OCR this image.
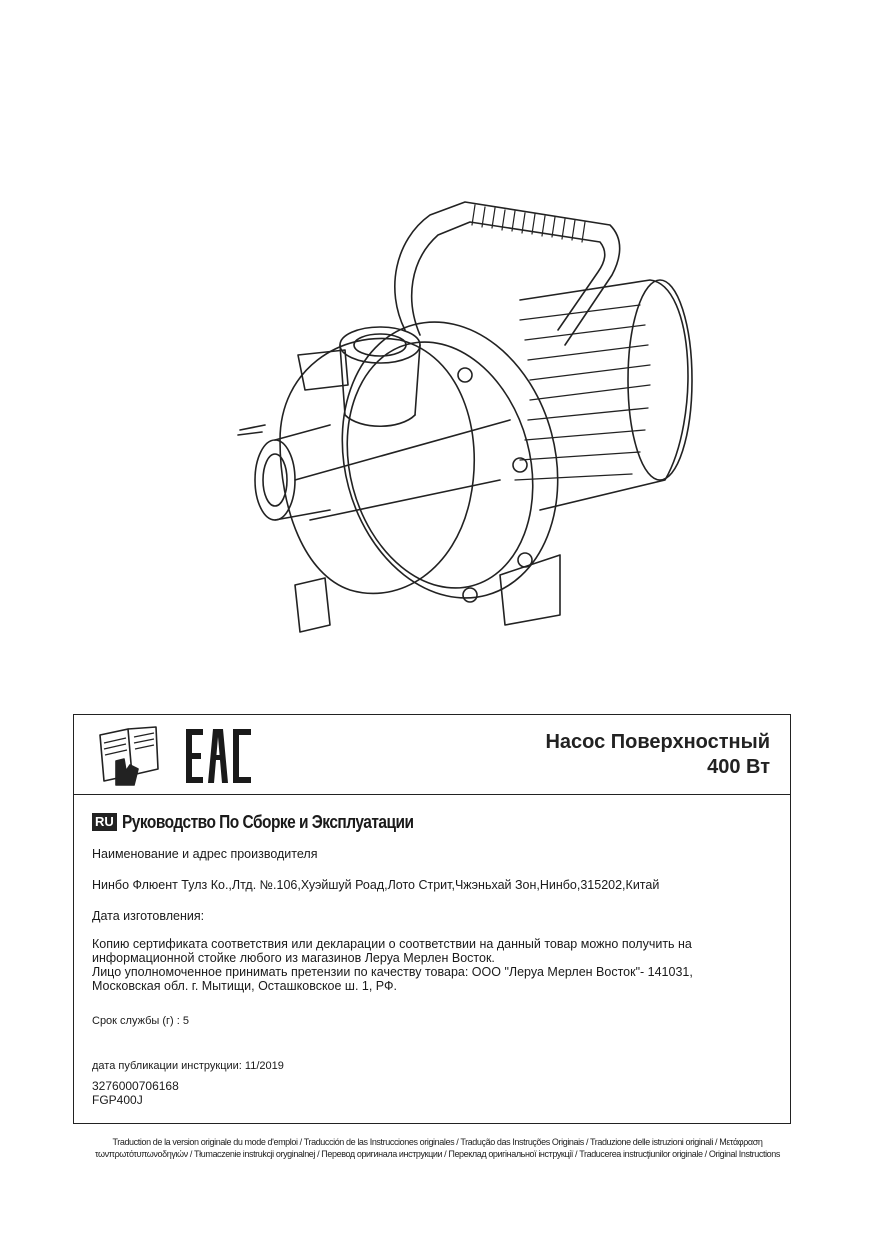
Насос Поверхностный
400 Вт
RU Руководство По Сборке и Эксплуатации
Наименование и адрес производителя
Нинбо Флюент Тулз Ко.,Лтд. №.106,Хуэйшуй Роад,Лото Стрит,Чжэньхай Зон,Нинбо,315202,Китай
Дата изготовления:
Копию сертификата соответствия или декларации о соответствии на данный товар можно получить на
информационной стойке любого из магазинов Леруа Мерлен Восток.
Лицо уполномоченное принимать претензии по качеству товара: ООО "Леруа Мерлен Восток"- 141031,
Московская обл. г. Мытищи, Осташковское ш. 1, РФ.
Срок службы (г) : 5
дата публикации инструкции: 11/2019
3276000706168
FGP400J
Traduction de la version originale du mode d'emploi / Traducción de las Instrucciones originales / Tradução das Instruções Originais / Traduzione delle istruzioni originali / Μετάφραση
τωνπρωτότυπωνοδηγιών / Tłumaczenie instrukcji oryginalnej / Перевод оригинала инструкции / Переклад оригінальної інструкції / Traducerea instrucţiunilor originale / Original Instructions
